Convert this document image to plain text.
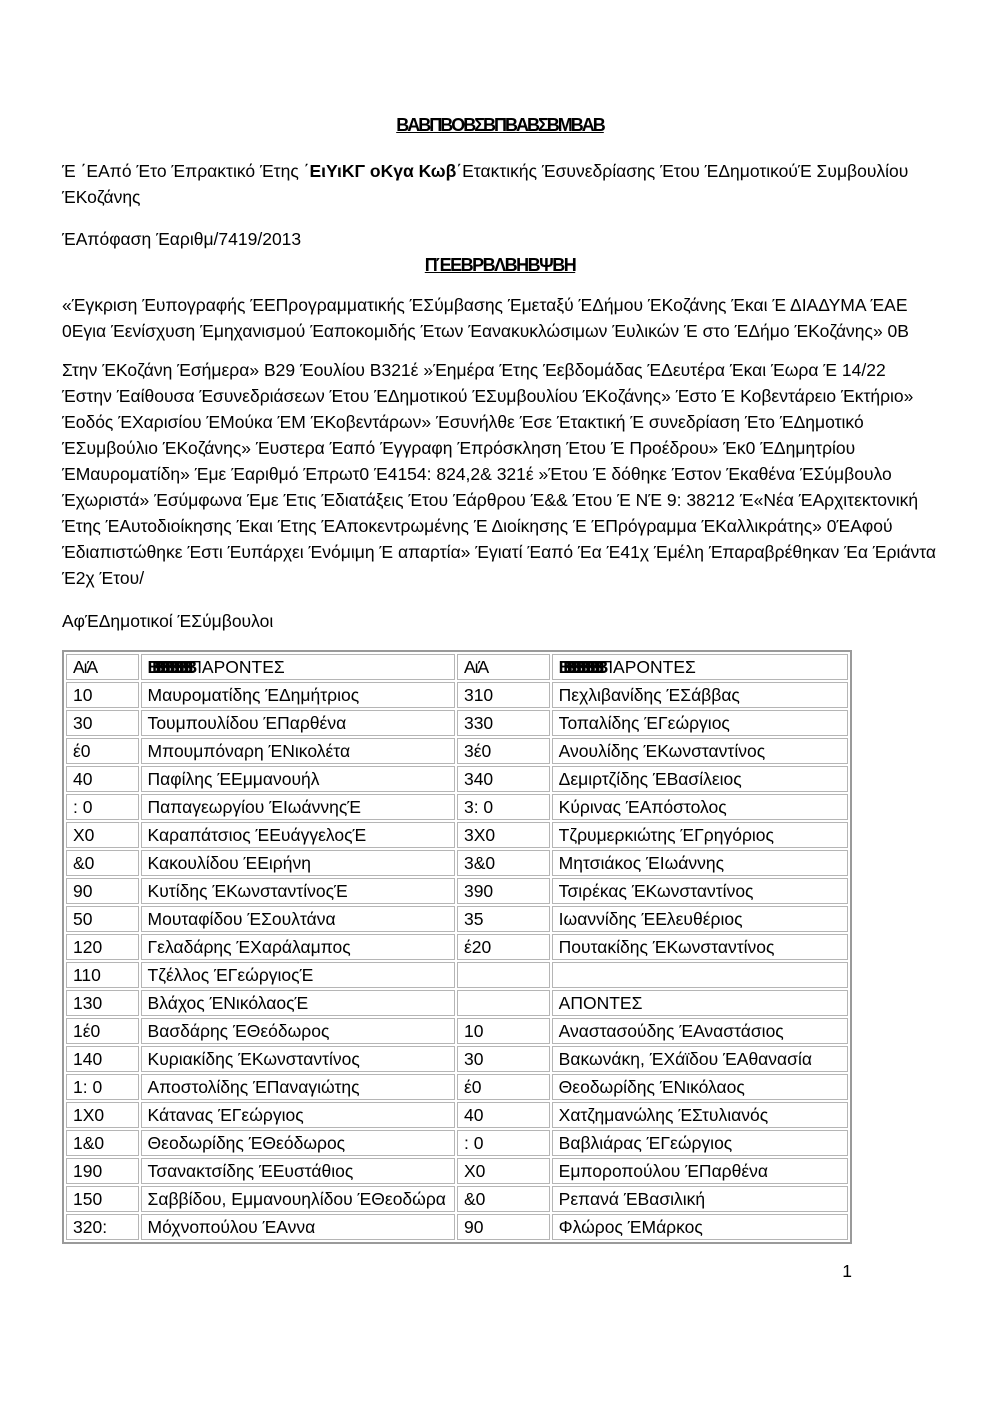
ΒΑΒΠΒΟΒΣΒΠΒΑΒΣΒΜΒΑΒ

Έ ΄ΕΑπό Έτο Έπρακτικό Έτης ΄ΕιΥιΚΓ οΚγα Κωβ΄Ετακτικής Έσυνεδρίασης Έτου ΈΔημοτικούΈ Συμβουλίου ΈΚοζάνης

ΈΑπόφαση Έαριθμ/7419/2013

ΠΈΕΒΡΒΛΒΗΒΨΒΗ

«Έγκριση Έυπογραφής ΈΕΠρογραμματικής ΈΣύμβασης Έμεταξύ ΈΔήμου ΈΚοζάνης Έκαι Έ ΔΙΑΔΥΜΑ ΈΑΕ 0Εγια Έενίσχυση Έμηχανισμού Έαποκομιδής Έτων Έανακυκλώσιμων Έυλικών Έ στο ΈΔήμο ΈΚοζάνης» 0Β

Στην ΈΚοζάνη Έσήμερα» Β29 Έουλίου Β321έ »Έημέρα Έτης Έεβδομάδας ΈΔευτέρα Έκαι Έωρα Έ 14/22 Έστην Έαίθουσα Έσυνεδριάσεων Έτου ΈΔημοτικού ΈΣυμβουλίου ΈΚοζάνης» Έστο Έ Κοβεντάρειο Έκτήριο» Έοδός ΈΧαρισίου ΈΜούκα ΈΜ ΈΚοβεντάρων» Έσυνήλθε Έσε Έτακτική Έ συνεδρίαση Έτο ΈΔημοτικό ΈΣυμβούλιο ΈΚοζάνης» Έυστερα Έαπό Έγγραφη Έπρόσκληση Έτου Έ Προέδρου» Έκ0 ΈΔημητρίου ΈΜαυροματίδη» Έμε Έαριθμό Έπρωτ0 Έ4154: 824,2& 321έ »Έτου Έ δόθηκε Έστον Έκαθένα ΈΣύμβουλο Έχωριστά» Έσύμφωνα Έμε Έτις Έδιατάξεις Έτου Έάρθρου Έ&& Έτου Έ ΝΈ 9: 38212 Έ«Νέα ΈΑρχιτεκτονική Έτης ΈΑυτοδιοίκησης Έκαι Έτης ΈΑποκεντρωμένης Έ Διοίκησης Έ ΈΠρόγραμμα ΈΚαλλικράτης» 0ΈΑφού Έδιαπιστώθηκε Έστι Έυπάρχει Ένόμιμη Έ απαρτία» Έγιατί Έαπό Έα Έ41χ Έμέλη Έπαραβρέθηκαν Έα Έριάντα Έ2χ Έτου/

ΑφΈΔημοτικοί ΈΣύμβουλοι

ΑιΆ	ΒΒΒΒΒΒΒΒΒΠΑΡΟΝΤΕΣ	ΑιΆ	ΒΒΒΒΒΒΒΒΒΠΑΡΟΝΤΕΣ
10	Μαυροματίδης ΈΔημήτριος	310	Πεχλιβανίδης ΈΣάββας
30	Τουμπουλίδου ΈΠαρθένα	330	Τοπαλίδης ΈΓεώργιος
έ0	Μπουμπόναρη ΈΝικολέτα	3έ0	Ανουλίδης ΈΚωνσταντίνος
40	Παφίλης ΈΕμμανουήλ	340	Δεμιρτζίδης ΈΒασίλειος
: 0	Παπαγεωργίου ΈΙωάννηςΈ	3: 0	Κύρινας ΈΑπόστολος
X0	Καραπάτσιος ΈΕυάγγελοςΈ	3X0	Τζρυμερκιώτης ΈΓρηγόριος
&0	Κακουλίδου ΈΕιρήνη	3&0	Μητσιάκος ΈΙωάννης
90	Κυτίδης ΈΚωνσταντίνοςΈ	390	Τσιρέκας ΈΚωνσταντίνος
50	Μουταφίδου ΈΣουλτάνα	35	Ιωαννίδης ΈΕλευθέριος
120	Γελαδάρης ΈΧαράλαμπος	έ20	Πουτακίδης ΈΚωνσταντίνος
110	Τζέλλος ΈΓεώργιοςΈ		
130	Βλάχος ΈΝικόλαοςΈ		ΑΠΟΝΤΕΣ
1έ0	Βασδάρης ΈΘεόδωρος	10	Αναστασούδης ΈΑναστάσιος
140	Κυριακίδης ΈΚωνσταντίνος	30	Βακωνάκη, ΈΧάϊδου ΈΑθανασία
1: 0	Αποστολίδης ΈΠαναγιώτης	έ0	Θεοδωρίδης ΈΝικόλαος
1X0	Κάτανας ΈΓεώργιος	40	Χατζημανώλης ΈΣτυλιανός
1&0	Θεοδωρίδης ΈΘεόδωρος	: 0	Βαβλιάρας ΈΓεώργιος
190	Τσανακτσίδης ΈΕυστάθιος	X0	Εμποροπούλου ΈΠαρθένα
150	Σαββίδου, Εμμανουηλίδου ΈΘεοδώρα	&0	Ρεπανά ΈΒασιλική
320:	Μόχνοπούλου ΈΑννα	90	Φλώρος ΈΜάρκος
1
